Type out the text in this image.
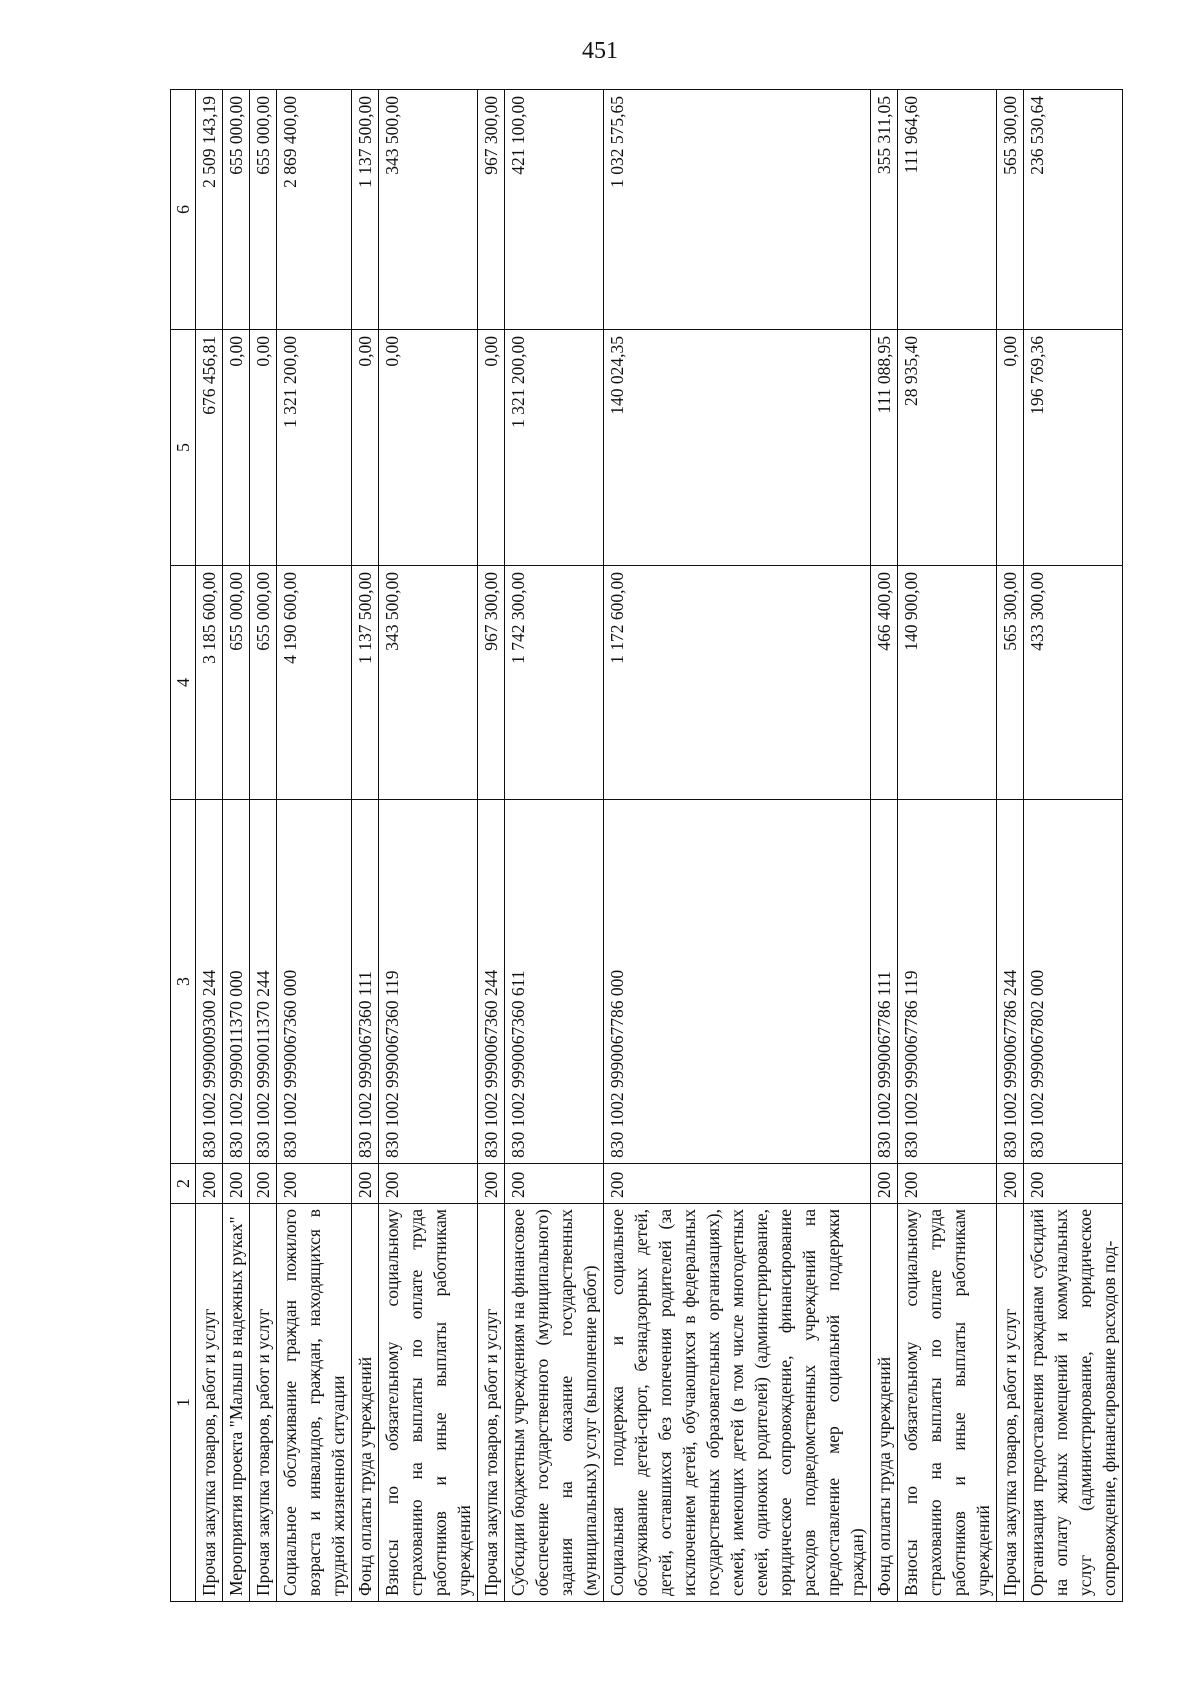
451
1	2	3	4	5	6
Прочая закупка товаров, работ и услуг	200	830 1002 9990009300 244	3 185 600,00	676 456,81	2 509 143,19
Мероприятия проекта "Малыш в надежных руках"	200	830 1002 9990011370 000	655 000,00	0,00	655 000,00
Прочая закупка товаров, работ и услуг	200	830 1002 9990011370 244	655 000,00	0,00	655 000,00
Социальное обслуживание граждан пожилого возраста и инвалидов, граждан, находящихся в трудной жизненной ситуации	200	830 1002 9990067360 000	4 190 600,00	1 321 200,00	2 869 400,00
Фонд оплаты труда учреждений	200	830 1002 9990067360 111	1 137 500,00	0,00	1 137 500,00
Взносы по обязательному социальному страхованию на выплаты по оплате труда работников и иные выплаты работникам учреждений	200	830 1002 9990067360 119	343 500,00	0,00	343 500,00
Прочая закупка товаров, работ и услуг	200	830 1002 9990067360 244	967 300,00	0,00	967 300,00
Субсидии бюджетным учреждениям на финансовое обеспечение государственного (муниципального) задания на оказание государственных (муниципальных) услуг (выполнение работ)	200	830 1002 9990067360 611	1 742 300,00	1 321 200,00	421 100,00
Социальная поддержка и социальное обслуживание детей-сирот, безнадзорных детей, детей, оставшихся без попечения родителей (за исключением детей, обучающихся в федеральных государственных образовательных организациях), семей, имеющих детей (в том числе многодетных семей, одиноких родителей) (администрирование, юридическое сопровождение, финансирование расходов подведомственных учреждений на предоставление мер социальной поддержки граждан)	200	830 1002 9990067786 000	1 172 600,00	140 024,35	1 032 575,65
Фонд оплаты труда учреждений	200	830 1002 9990067786 111	466 400,00	111 088,95	355 311,05
Взносы по обязательному социальному страхованию на выплаты по оплате труда работников и иные выплаты работникам учреждений	200	830 1002 9990067786 119	140 900,00	28 935,40	111 964,60
Прочая закупка товаров, работ и услуг	200	830 1002 9990067786 244	565 300,00	0,00	565 300,00
Организация предоставления гражданам субсидий на оплату жилых помещений и коммунальных услуг (администрирование, юридическое сопровождение, финансирование расходов под-	200	830 1002 9990067802 000	433 300,00	196 769,36	236 530,64
